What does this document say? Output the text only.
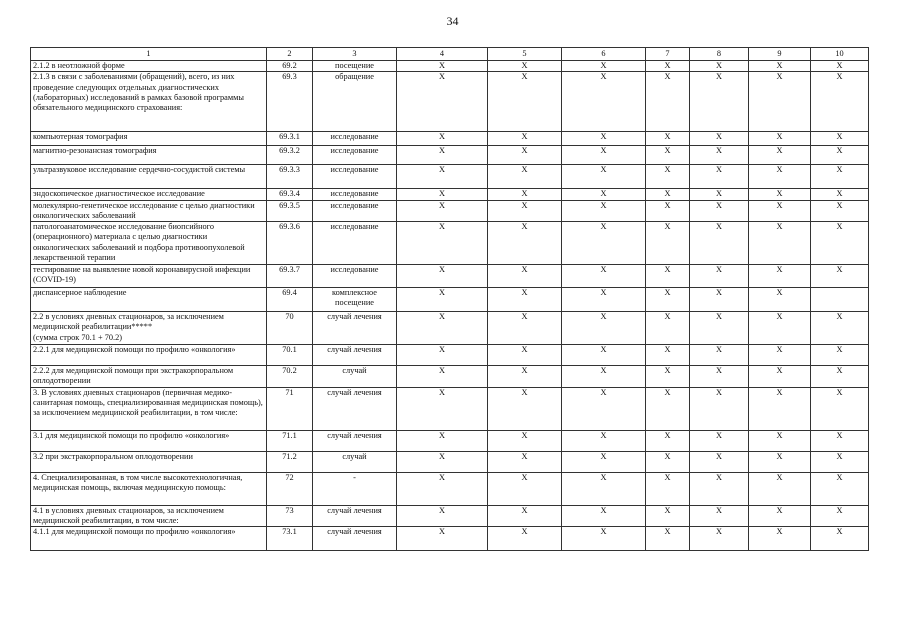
34
1	2	3	4	5	6	7	8	9	10
2.1.2 в неотложной форме	69.2	посещение	X	X	X	X	X	X	X
2.1.3 в связи с заболеваниями (обращений), всего, из них проведение следующих отдельных диагностических (лабораторных) исследований в рамках базовой программы обязательного медицинского страхования:	69.3	обращение	X	X	X	X	X	X	X
компьютерная томография	69.3.1	исследование	X	X	X	X	X	X	X
магнитно-резонансная томография	69.3.2	исследование	X	X	X	X	X	X	X
ультразвуковое исследование сердечно-сосудистой системы	69.3.3	исследование	X	X	X	X	X	X	X
эндоскопическое диагностическое исследование	69.3.4	исследование	X	X	X	X	X	X	X
молекулярно-генетическое исследование с целью диагностики онкологических заболеваний	69.3.5	исследование	X	X	X	X	X	X	X
патологоанатомическое исследование биопсийного (операционного) материала с целью диагностики онкологических заболеваний и подбора противоопухолевой лекарственной терапии	69.3.6	исследование	X	X	X	X	X	X	X
тестирование на выявление новой коронавирусной инфекции (COVID-19)	69.3.7	исследование	X	X	X	X	X	X	X
диспансерное наблюдение	69.4	комплексное посещение	X	X	X	X	X	X	
2.2 в условиях дневных стационаров, за исключением медицинской реабилитации*****
(сумма строк 70.1 + 70.2)	70	случай лечения	X	X	X	X	X	X	X
2.2.1 для медицинской помощи по профилю «онкология»	70.1	случай лечения	X	X	X	X	X	X	X
2.2.2 для медицинской помощи при экстракорпоральном оплодотворении	70.2	случай	X	X	X	X	X	X	X
3. В условиях дневных стационаров (первичная медико-санитарная помощь, специализированная медицинская помощь), за исключением медицинской реабилитации, в том числе:	71	случай лечения	X	X	X	X	X	X	X
3.1 для медицинской помощи по профилю «онкология»	71.1	случай лечения	X	X	X	X	X	X	X
3.2 при экстракорпоральном оплодотворении	71.2	случай	X	X	X	X	X	X	X
4. Специализированная, в том числе высокотехнологичная, медицинская помощь, включая медицинскую помощь:	72	-	X	X	X	X	X	X	X
4.1 в условиях дневных стационаров, за исключением медицинской реабилитации, в том числе:	73	случай лечения	X	X	X	X	X	X	X
4.1.1 для медицинской помощи по профилю «онкология»	73.1	случай лечения	X	X	X	X	X	X	X
